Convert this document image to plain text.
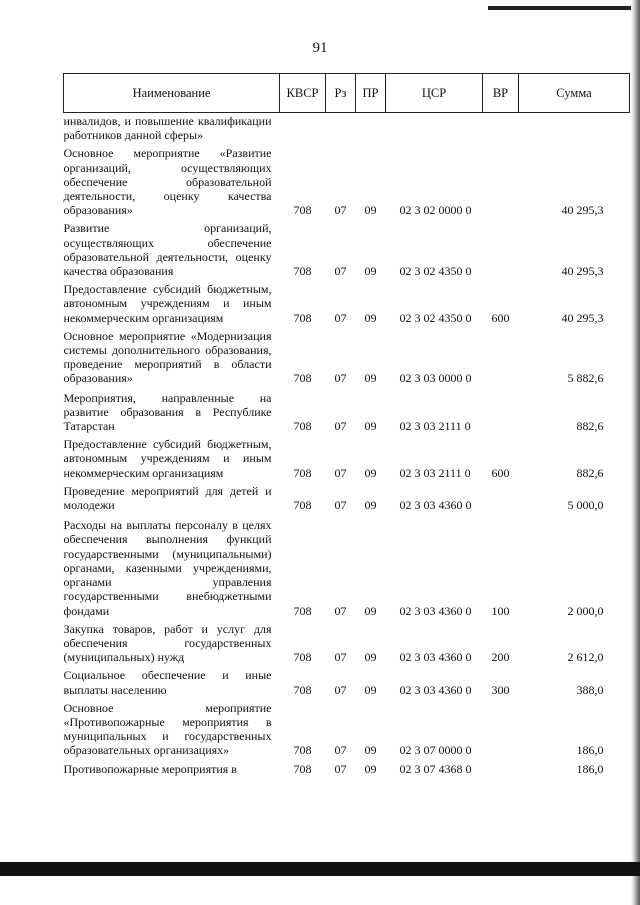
91
Наименование	КВСР	Рз	ПР	ЦСР	ВР	Сумма
инвалидов, и повышение квалификации работников данной сферы»						
Основное мероприятие «Развитие организаций, осуществляющих обеспечение образовательной деятельности, оценку качества образования»	708	07	09	02 3 02 0000 0		40 295,3
Развитие организаций, осуществляющих обеспечение образовательной деятельности, оценку качества образования	708	07	09	02 3 02 4350 0		40 295,3
Предоставление субсидий бюджетным, автономным учреждениям и иным некоммерческим организациям	708	07	09	02 3 02 4350 0	600	40 295,3
Основное мероприятие «Модернизация системы дополнительного образования, проведение мероприятий в области образования»	708	07	09	02 3 03 0000 0		5 882,6
Мероприятия, направленные на развитие образования в Республике Татарстан	708	07	09	02 3 03 2111 0		882,6
Предоставление субсидий бюджетным, автономным учреждениям и иным некоммерческим организациям	708	07	09	02 3 03 2111 0	600	882,6
Проведение мероприятий для детей и молодежи	708	07	09	02 3 03 4360 0		5 000,0
Расходы на выплаты персоналу в целях обеспечения выполнения функций государственными (муниципальными) органами, казенными учреждениями, органами управления государственными внебюджетными фондами	708	07	09	02 3 03 4360 0	100	2 000,0
Закупка товаров, работ и услуг для обеспечения государственных (муниципальных) нужд	708	07	09	02 3 03 4360 0	200	2 612,0
Социальное обеспечение и иные выплаты населению	708	07	09	02 3 03 4360 0	300	388,0
Основное мероприятие «Противопожарные мероприятия в муниципальных и государственных образовательных организациях»	708	07	09	02 3 07 0000 0		186,0
Противопожарные мероприятия в	708	07	09	02 3 07 4368 0		186,0
